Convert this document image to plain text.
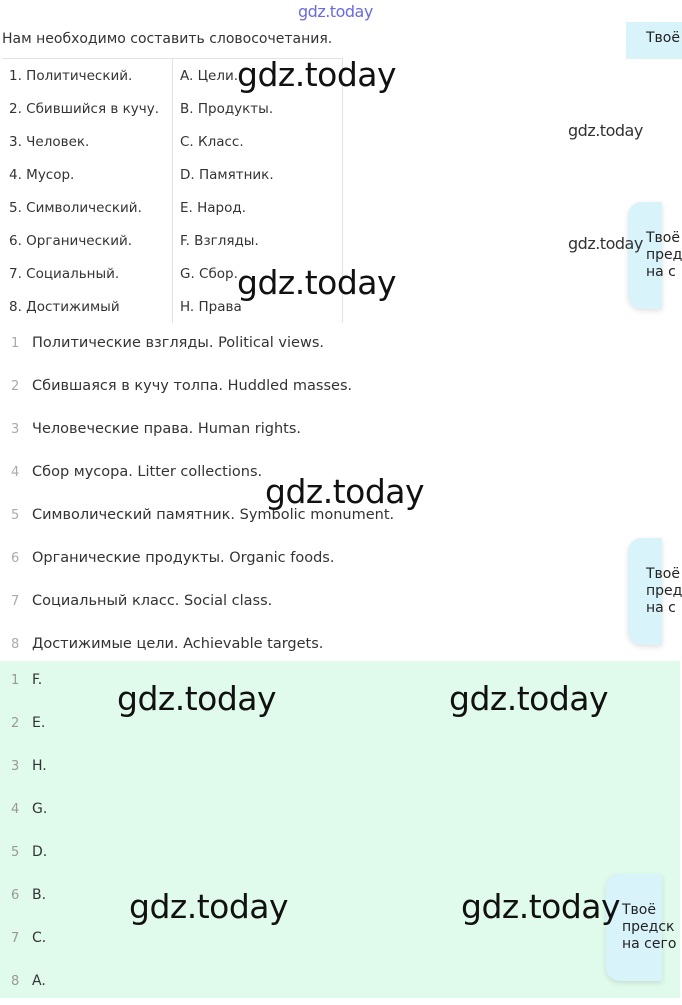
gdz.today
Нам необходимо составить словосочетания.	Твоё
Твоё
пред
на с
Твоё
пред
на с
1. Политический.	A. Цели.
2. Сбившийся в кучу.	B. Продукты.
3. Человек.	C. Класс.
4. Мусор.	D. Памятник.
5. Символический.	E. Народ.
6. Органический.	F. Взгляды.
7. Социальный.	G. Сбор.
8. Достижимый	H. Права
1 Политические взгляды. Political views.
2 Сбившаяся в кучу толпа. Huddled masses.
3 Человеческие права. Human rights.
4 Сбор мусора. Litter collections.
5 Символический памятник. Symbolic monument.
6 Органические продукты. Organic foods.
7 Социальный класс. Social class.
8 Достижимые цели. Achievable targets.
1 F.
2 E.
3 H.
4 G.
5 D.
6 B.
7 C.
8 A.
Твоё
предск
на сего
gdz.today
gdz.today
gdz.today
gdz.today
gdz.today
gdz.today	gdz.today
gdz.today	gdz.today
